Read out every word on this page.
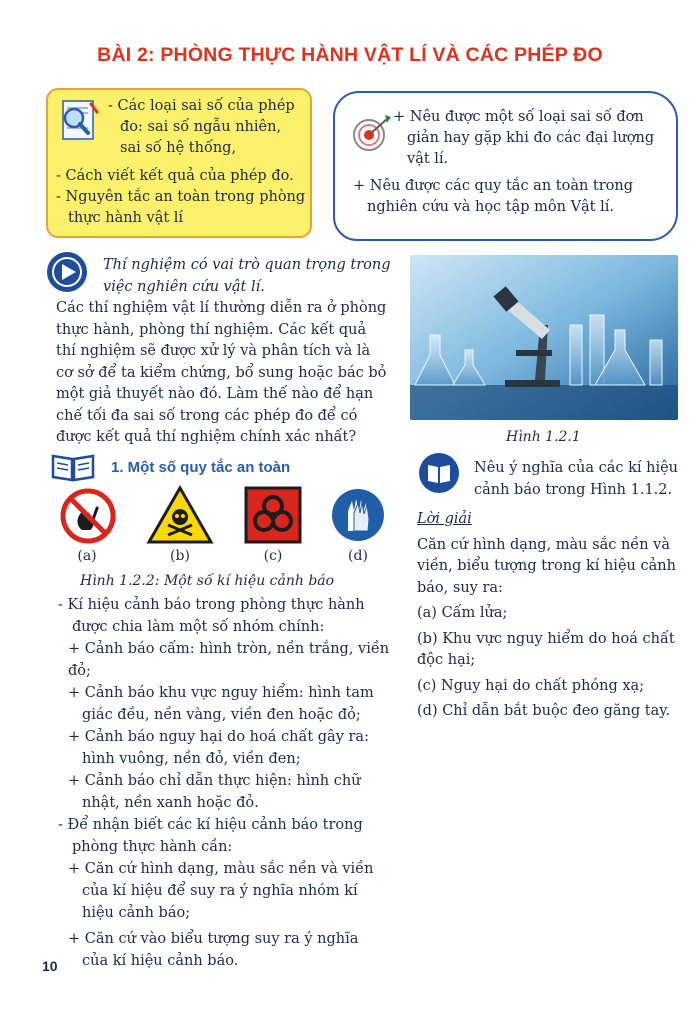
BÀI 2: PHÒNG THỰC HÀNH VẬT LÍ VÀ CÁC PHÉP ĐO

- Các loại sai số của phép

đo: sai số ngẫu nhiên,

sai số hệ thống,

- Cách viết kết quả của phép đo.

- Nguyên tắc an toàn trong phòng

thực hành vật lí

+ Nêu được một số loại sai số đơn

giản hay gặp khi đo các đại lượng

vật lí.

+ Nêu được các quy tắc an toàn trong

nghiên cứu và học tập môn Vật lí.

Thí nghiệm có vai trò quan trọng trong

việc nghiên cứu vật lí.

Các thí nghiệm vật lí thường diễn ra ở phòng

thực hành, phòng thí nghiệm. Các kết quả

thí nghiệm sẽ được xử lý và phân tích và là

cơ sở để ta kiểm chứng, bổ sung hoặc bác bỏ

một giả thuyết nào đó. Làm thế nào để hạn

chế tối đa sai số trong các phép đo để có

được kết quả thí nghiệm chính xác nhất?	Hình 1.2.1
1. Một số quy tắc an toàn
(a)	(b)	(c)	(d)
Hình 1.2.2: Một số kí hiệu cảnh báo

- Kí hiệu cảnh báo trong phòng thực hành

được chia làm một số nhóm chính:

+ Cảnh báo cấm: hình tròn, nền trắng, viền đỏ;

+ Cảnh báo khu vực nguy hiểm: hình tam

giác đều, nền vàng, viền đen hoặc đỏ;

+ Cảnh báo nguy hại do hoá chất gây ra:

hình vuông, nền đỏ, viền đen;

+ Cảnh báo chỉ dẫn thực hiện: hình chữ

nhật, nền xanh hoặc đỏ.

- Để nhận biết các kí hiệu cảnh báo trong

phòng thực hành cần:

+ Căn cứ hình dạng, màu sắc nền và viền

của kí hiệu để suy ra ý nghĩa nhóm kí

hiệu cảnh báo;

+ Căn cứ vào biểu tượng suy ra ý nghĩa

của kí hiệu cảnh báo.

Nêu ý nghĩa của các kí hiệu

cảnh báo trong Hình 1.1.2.

Lời giải

Căn cứ hình dạng, màu sắc nền và

viền, biểu tượng trong kí hiệu cảnh

báo, suy ra:

(a) Cấm lửa;

(b) Khu vực nguy hiểm do hoá chất

độc hại;

(c) Nguy hại do chất phóng xạ;

(d) Chỉ dẫn bắt buộc đeo găng tay.

10
